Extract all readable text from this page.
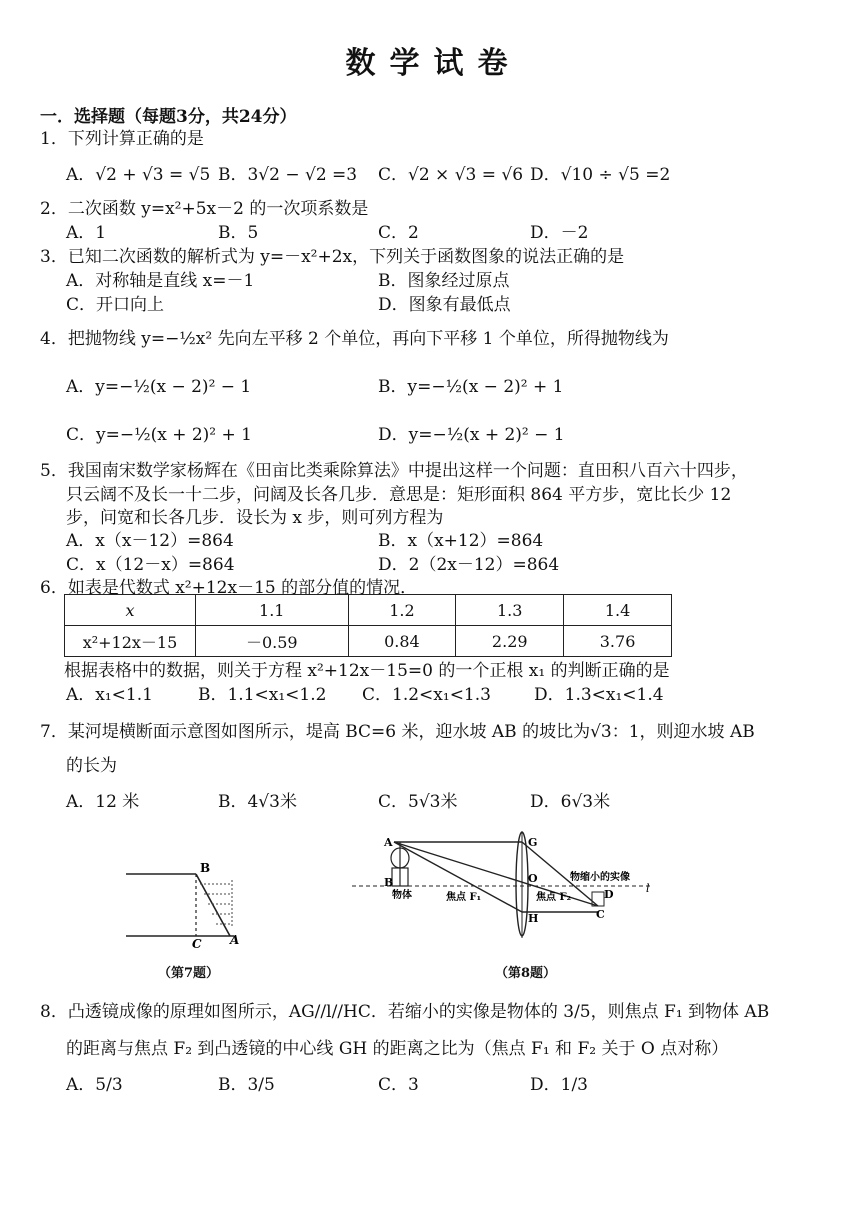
数学试卷
一．选择题（每题3分，共24分）
1．下列计算正确的是
A．√2 + √3 = √5 B．3√2 − √2 =3 C．√2 × √3 = √6 D．√10 ÷ √5 =2
2．二次函数 y=x²+5x－2 的一次项系数是
A．1	B．5	C．2	D．－2
3．已知二次函数的解析式为 y=－x²+2x，下列关于函数图象的说法正确的是
A．对称轴是直线 x=－1	B．图象经过原点
C．开口向上	D．图象有最低点
4．把抛物线 y=−½x² 先向左平移 2 个单位，再向下平移 1 个单位，所得抛物线为
A．y=−½(x − 2)² − 1	B．y=−½(x − 2)² + 1
C．y=−½(x + 2)² + 1	D．y=−½(x + 2)² − 1
5．我国南宋数学家杨辉在《田亩比类乘除算法》中提出这样一个问题：直田积八百六十四步，
只云阔不及长一十二步，问阔及长各几步．意思是：矩形面积 864 平方步，宽比长少 12
步，问宽和长各几步．设长为 x 步，则可列方程为
A．x（x－12）=864	B．x（x+12）=864
C．x（12－x）=864	D．2（2x－12）=864
6．如表是代数式 x²+12x－15 的部分值的情况．
x	1.1	1.2	1.3	1.4
x²+12x－15	－0.59	0.84	2.29	3.76
根据表格中的数据，则关于方程 x²+12x－15=0 的一个正根 x₁ 的判断正确的是
A．x₁<1.1	B．1.1<x₁<1.2 C．1.2<x₁<1.3	D．1.3<x₁<1.4
7．某河堤横断面示意图如图所示，堤高 BC=6 米，迎水坡 AB 的坡比为√3：1，则迎水坡 AB
的长为
A．12 米	B．4√3米	C．5√3米	D．6√3米
B
C A
（第7题）
A
B
G
H
O
C
D	l
物体	焦点 F₁	焦点 F₂
物缩小的实像
（第8题）
8．凸透镜成像的原理如图所示，AG//l//HC．若缩小的实像是物体的 3/5，则焦点 F₁ 到物体 AB
的距离与焦点 F₂ 到凸透镜的中心线 GH 的距离之比为（焦点 F₁ 和 F₂ 关于 O 点对称）
A．5/3	B．3/5	C．3	D．1/3
